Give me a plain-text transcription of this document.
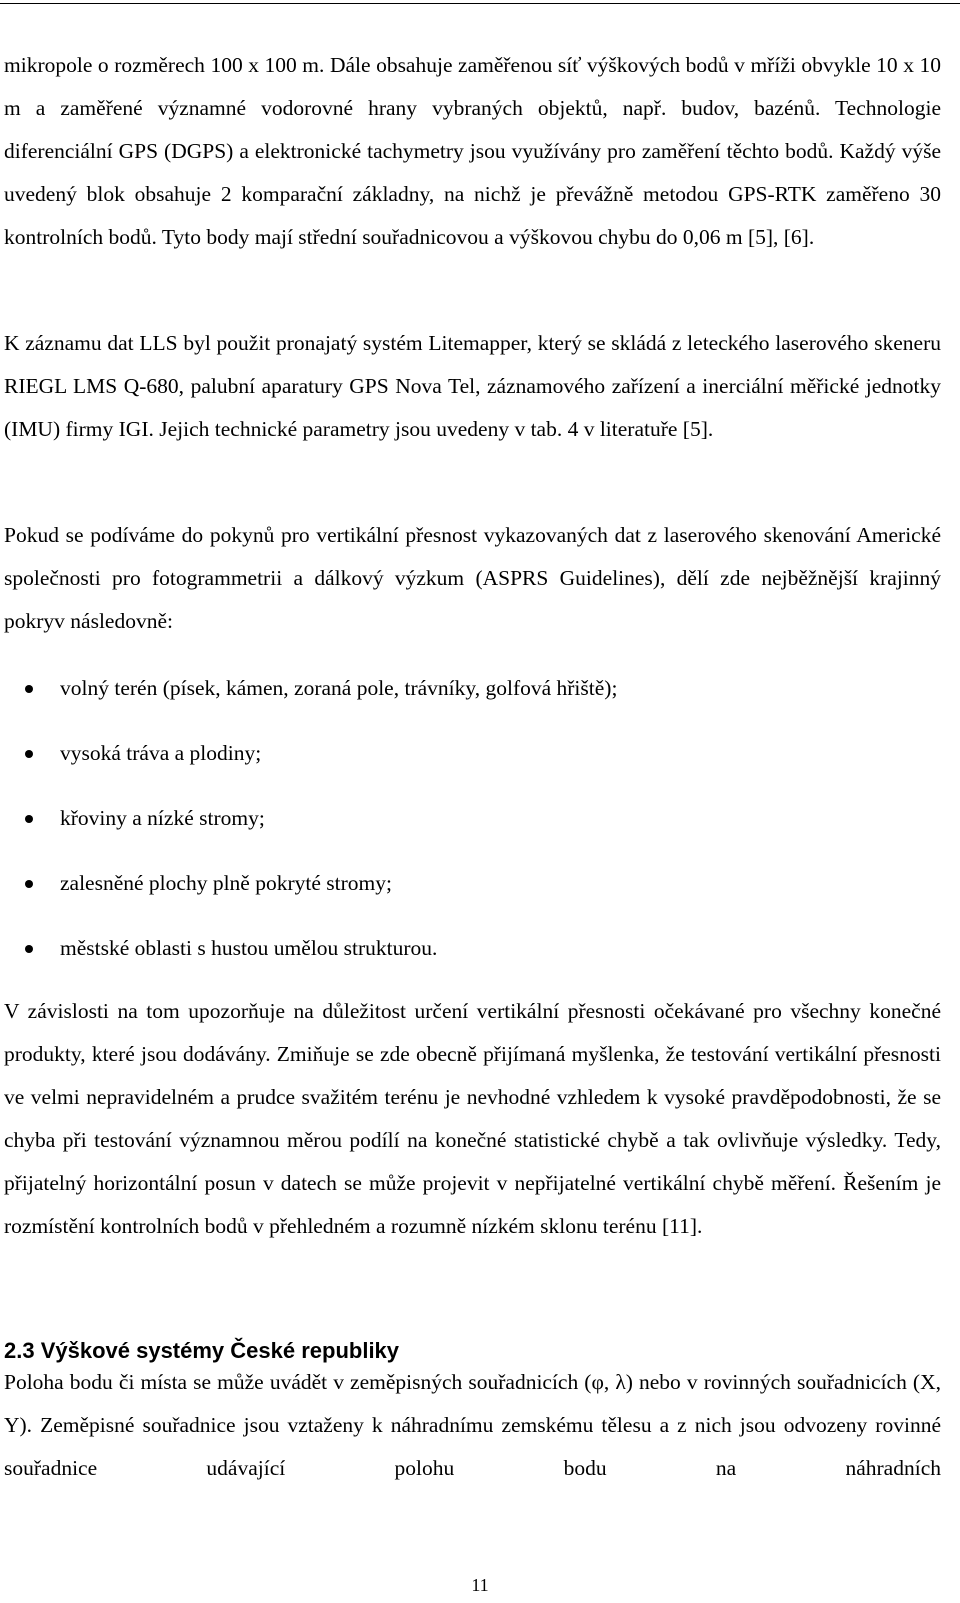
mikropole o rozměrech 100 x 100 m. Dále obsahuje zaměřenou síť výškových bodů v mříži obvykle 10 x 10 m a zaměřené významné vodorovné hrany vybraných objektů, např. budov, bazénů. Technologie diferenciální GPS (DGPS) a elektronické tachymetry jsou využívány pro zaměření těchto bodů. Každý výše uvedený blok obsahuje 2 komparační základny, na nichž je převážně metodou GPS-RTK zaměřeno 30 kontrolních bodů. Tyto body mají střední souřadnicovou a výškovou chybu do 0,06 m [5], [6].

K záznamu dat LLS byl použit pronajatý systém Litemapper, který se skládá z leteckého laserového skeneru RIEGL LMS Q-680, palubní aparatury GPS Nova Tel, záznamového zařízení a inerciální měřické jednotky (IMU) firmy IGI. Jejich technické parametry jsou uvedeny v tab. 4 v literatuře [5].

Pokud se podíváme do pokynů pro vertikální přesnost vykazovaných dat z laserového skenování Americké společnosti pro fotogrammetrii a dálkový výzkum (ASPRS Guidelines), dělí zde nejběžnější krajinný pokryv následovně:

volný terén (písek, kámen, zoraná pole, trávníky, golfová hřiště);
vysoká tráva a plodiny;
křoviny a nízké stromy;
zalesněné plochy plně pokryté stromy;
městské oblasti s hustou umělou strukturou.

V závislosti na tom upozorňuje na důležitost určení vertikální přesnosti očekávané pro všechny konečné produkty, které jsou dodávány. Zmiňuje se zde obecně přijímaná myšlenka, že testování vertikální přesnosti ve velmi nepravidelném a prudce svažitém terénu je nevhodné vzhledem k vysoké pravděpodobnosti, že se chyba při testování významnou měrou podílí na konečné statistické chybě a tak ovlivňuje výsledky. Tedy, přijatelný horizontální posun v datech se může projevit v nepřijatelné vertikální chybě měření. Řešením je rozmístění kontrolních bodů v přehledném a rozumně nízkém sklonu terénu [11].

2.3 Výškové systémy České republiky

Poloha bodu či místa se může uvádět v zeměpisných souřadnicích (φ, λ) nebo v rovinných souřadnicích (X, Y). Zeměpisné souřadnice jsou vztaženy k náhradnímu zemskému tělesu a z nich jsou odvozeny rovinné souřadnice udávající polohu bodu na náhradních

11
